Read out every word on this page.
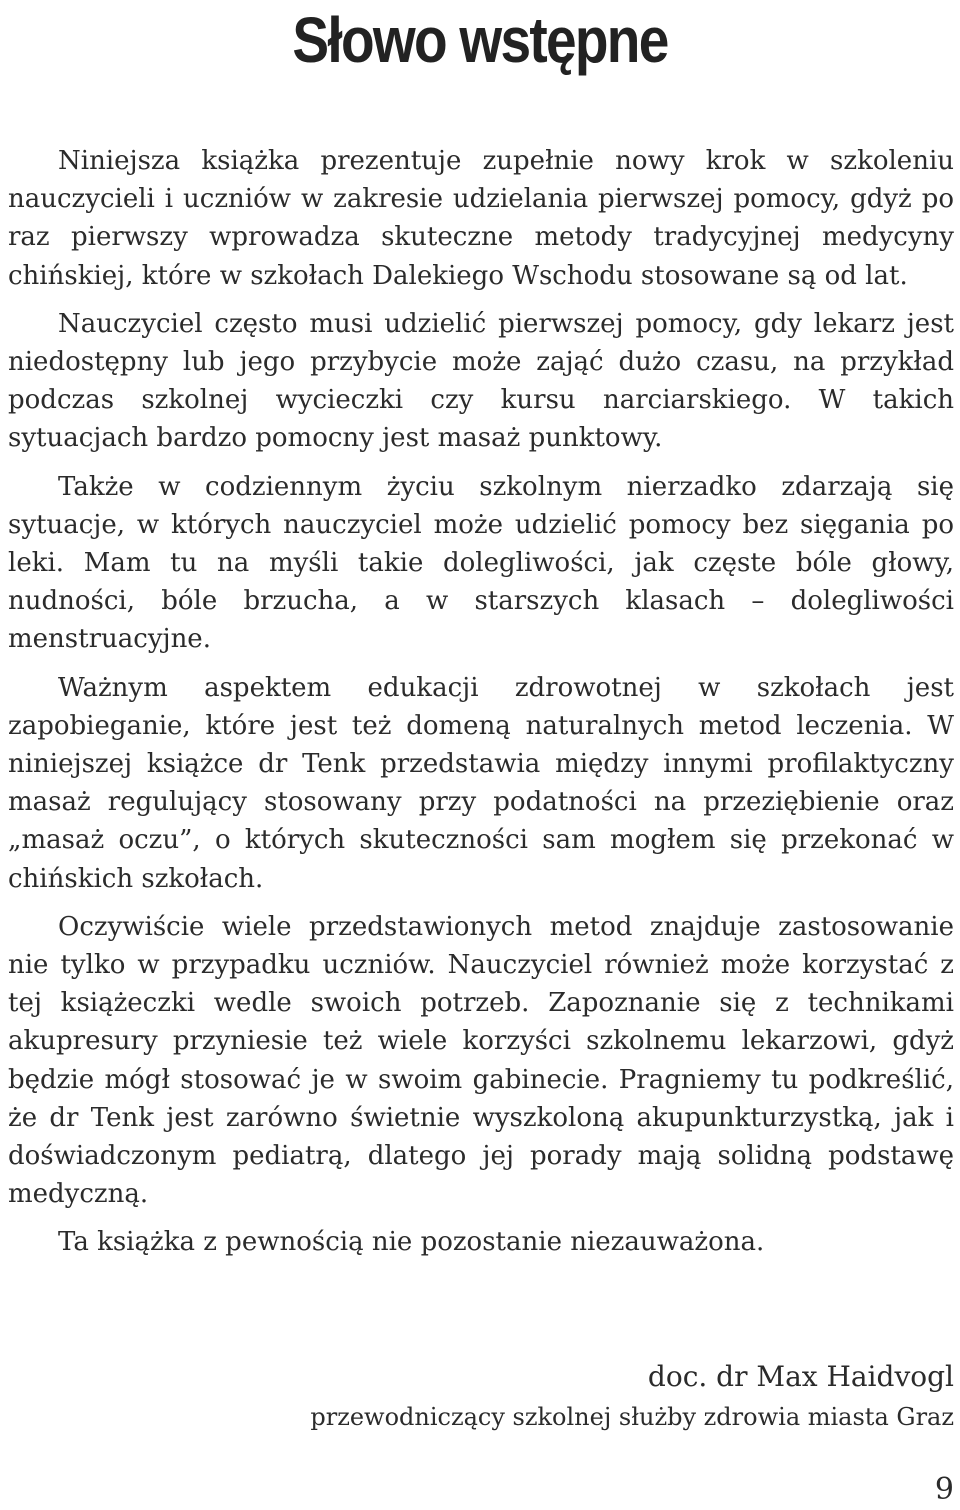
Słowo wstępne

Niniejsza książka prezentuje zupełnie nowy krok w szkoleniu nauczycieli i uczniów w zakresie udzielania pierwszej pomocy, gdyż po raz pierwszy wprowadza skuteczne metody tradycyjnej medycyny chińskiej, które w szkołach Dalekiego Wschodu stosowane są od lat.

Nauczyciel często musi udzielić pierwszej pomocy, gdy lekarz jest niedostępny lub jego przybycie może zająć dużo czasu, na przykład podczas szkolnej wycieczki czy kursu narciarskiego. W takich sytuacjach bardzo pomocny jest masaż punktowy.

Także w codziennym życiu szkolnym nierzadko zdarzają się sytuacje, w których nauczyciel może udzielić pomocy bez sięgania po leki. Mam tu na myśli takie dolegliwości, jak częste bóle głowy, nudności, bóle brzucha, a w starszych klasach – dolegliwości menstruacyjne.

Ważnym aspektem edukacji zdrowotnej w szkołach jest zapobieganie, które jest też domeną naturalnych metod leczenia. W niniejszej książce dr Tenk przedstawia między innymi profilaktyczny masaż regulujący stosowany przy podatności na przeziębienie oraz „masaż oczu”, o których skuteczności sam mogłem się przekonać w chińskich szkołach.

Oczywiście wiele przedstawionych metod znajduje zastosowanie nie tylko w przypadku uczniów. Nauczyciel również może korzystać z tej książeczki wedle swoich potrzeb. Zapoznanie się z technikami akupresury przyniesie też wiele korzyści szkolnemu lekarzowi, gdyż będzie mógł stosować je w swoim gabinecie. Pragniemy tu podkreślić, że dr Tenk jest zarówno świetnie wyszkoloną akupunkturzystką, jak i doświadczonym pediatrą, dlatego jej porady mają solidną podstawę medyczną.

Ta książka z pewnością nie pozostanie niezauważona.

doc. dr Max Haidvogl
przewodniczący szkolnej służby zdrowia miasta Graz
9
